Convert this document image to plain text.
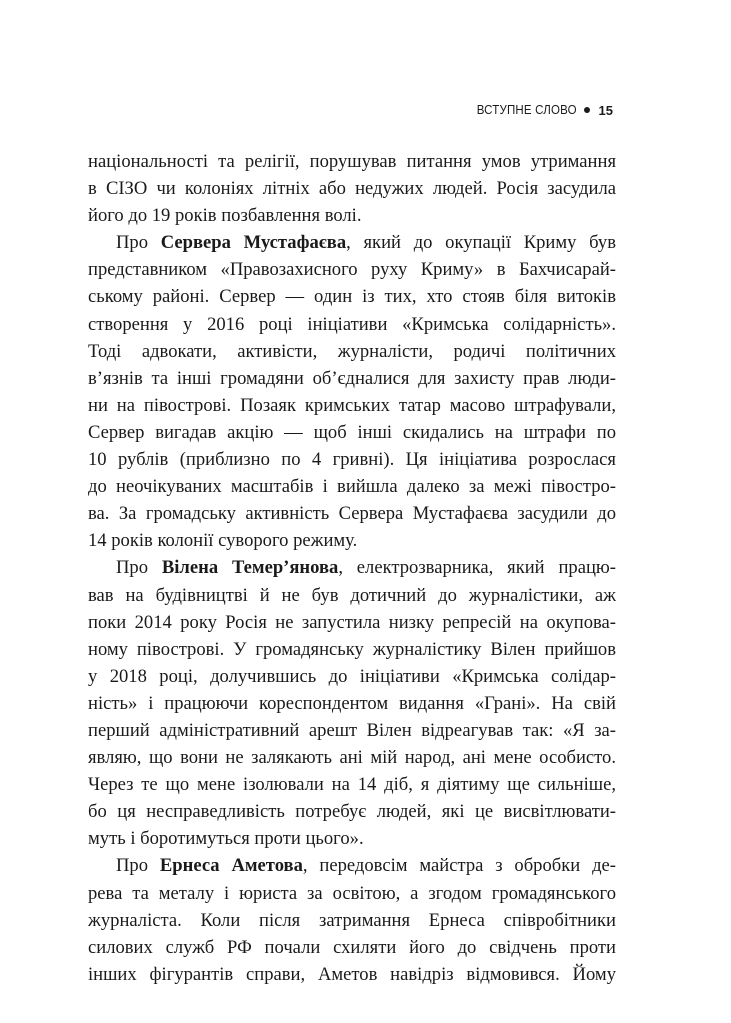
ВСТУПНЕ СЛОВО 15
національності та релігії, порушував питання умов утримання
в СІЗО чи колоніях літніх або недужих людей. Росія засудила
його до 19 років позбавлення волі.
Про Сервера Мустафаєва, який до окупації Криму був
представником «Правозахисного руху Криму» в Бахчисарай-
ському районі. Сервер — один із тих, хто стояв біля витоків
створення у 2016 році ініціативи «Кримська солідарність».
Тоді адвокати, активісти, журналісти, родичі політичних
в’язнів та інші громадяни об’єдналися для захисту прав люди-
ни на півострові. Позаяк кримських татар масово штрафували,
Сервер вигадав акцію — щоб інші скидались на штрафи по
10 рублів (приблизно по 4 гривні). Ця ініціатива розрослася
до неочікуваних масштабів і вийшла далеко за межі півостро-
ва. За громадську активність Сервера Мустафаєва засудили до
14 років колонії суворого режиму.
Про Вілена Темер’янова, електрозварника, який працю-
вав на будівництві й не був дотичний до журналістики, аж
поки 2014 року Росія не запустила низку репресій на окупова-
ному півострові. У громадянську журналістику Вілен прийшов
у 2018 році, долучившись до ініціативи «Кримська солідар-
ність» і працюючи кореспондентом видання «Грані». На свій
перший адміністративний арешт Вілен відреагував так: «Я за-
являю, що вони не залякають ані мій народ, ані мене особисто.
Через те що мене ізолювали на 14 діб, я діятиму ще сильніше,
бо ця несправедливість потребує людей, які це висвітлювати-
муть і боротимуться проти цього».
Про Ернеса Аметова, передовсім майстра з обробки де-
рева та металу і юриста за освітою, а згодом громадянського
журналіста. Коли після затримання Ернеса співробітники
силових служб РФ почали схиляти його до свідчень проти
інших фігурантів справи, Аметов навідріз відмовився. Йому
